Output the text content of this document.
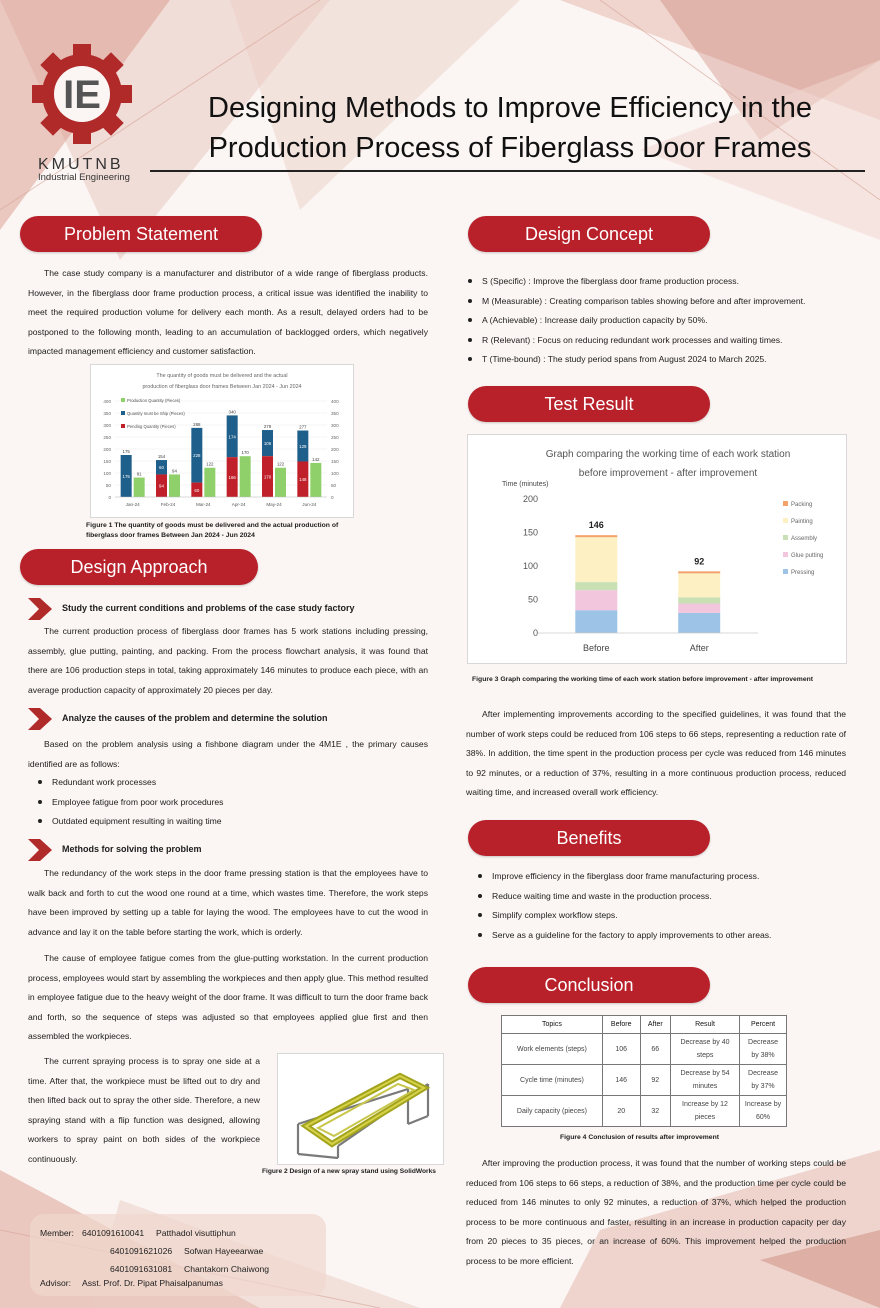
IE
KMUTNB
Industrial Engineering
Designing Methods to Improve Efficiency in the
Production Process of Fiberglass Door Frames
Problem Statement

The case study company is a manufacturer and distributor of a wide range of fiberglass products. However, in the fiberglass door frame production process, a critical issue was identified the inability to meet the required production volume for delivery each month. As a result, delayed orders had to be postponed to the following month, leading to an accumulation of backlogged orders, which negatively impacted management efficiency and customer satisfaction.

The quantity of goods must be delivered and the actual
production of fiberglass door frames Between Jan 2024 - Jun 2024
0	0
50	50
100	100
150	150
200	200
250	250
300	300
350	350
400	400
175
175 81
Jan-24
154
60
94
94
Feb-24
288
228
60
122
Mar-24
340
174
166
170
Apr-24
279
106
170
122
May-24
277
129
148
142
Jun-24
Production Quantity (Pieces)
Quantity must be Ship (Pieces)
Pending Quantity (Pieces)
Figure 1 The quantity of goods must be delivered and the actual production of fiberglass door frames Between Jan 2024 - Jun 2024
Design Approach
Study the current conditions and problems of the case study factory

The current production process of fiberglass door frames has 5 work stations including pressing, assembly, glue putting, painting, and packing. From the process flowchart analysis, it was found that there are 106 production steps in total, taking approximately 146 minutes to produce each piece, with an average production capacity of approximately 20 pieces per day.

Analyze the causes of the problem and determine the solution

Based on the problem analysis using a fishbone diagram under the 4M1E , the primary causes identified are as follows:

Redundant work processes
Employee fatigue from poor work procedures
Outdated equipment resulting in waiting time
Methods for solving the problem

The redundancy of the work steps in the door frame pressing station is that the employees have to walk back and forth to cut the wood one round at a time, which wastes time. Therefore, the work steps have been improved by setting up a table for laying the wood. The employees have to cut the wood in advance and lay it on the table before starting the work, which is orderly.

The cause of employee fatigue comes from the glue-putting workstation. In the current production process, employees would start by assembling the workpieces and then apply glue. This method resulted in employee fatigue due to the heavy weight of the door frame. It was difficult to turn the door frame back and forth, so the sequence of steps was adjusted so that employees applied glue first and then assembled the workpieces.

The current spraying process is to spray one side at a time. After that, the workpiece must be lifted out to dry and then lifted back out to spray the other side. Therefore, a new spraying stand with a flip function was designed, allowing workers to spray paint on both sides of the workpiece continuously.

Figure 2 Design of a new spray stand using SolidWorks
Member: 6401091610041 Patthadol visuttiphun
6401091621026 Sofwan Hayeearwae
6401091631081 Chantakorn Chaiwong
Advisor: Asst. Prof. Dr. Pipat Phaisalpanumas
Design Concept
S (Specific) : Improve the fiberglass door frame production process.
M (Measurable) : Creating comparison tables showing before and after improvement.
A (Achievable) : Increase daily production capacity by 50%.
R (Relevant) : Focus on reducing redundant work processes and waiting times.
T (Time-bound) : The study period spans from August 2024 to March 2025.
Test Result
Graph comparing the working time of each work station
before improvement - after improvement
Time (minutes)
0
50
100
150
200
146
Before
92
After
Packing
Painting
Assembly
Glue putting
Pressing
Figure 3 Graph comparing the working time of each work station before improvement - after improvement

After implementing improvements according to the specified guidelines, it was found that the number of work steps could be reduced from 106 steps to 66 steps, representing a reduction rate of 38%. In addition, the time spent in the production process per cycle was reduced from 146 minutes to 92 minutes, or a reduction of 37%, resulting in a more continuous production process, reduced waiting time, and increased overall work efficiency.

Benefits
Improve efficiency in the fiberglass door frame manufacturing process.
Reduce waiting time and waste in the production process.
Simplify complex workflow steps.
Serve as a guideline for the factory to apply improvements to other areas.
Conclusion
Topics	Before	After	Result	Percent
Work elements (steps)	106	66	Decrease by 40 steps	Decrease by 38%
Cycle time (minutes)	146	92	Decrease by 54 minutes	Decrease by 37%
Daily capacity (pieces)	20	32	Increase by 12 pieces	Increase by 60%
Figure 4 Conclusion of results after improvement

After improving the production process, it was found that the number of working steps could be reduced from 106 steps to 66 steps, a reduction of 38%, and the production time per cycle could be reduced from 146 minutes to only 92 minutes, a reduction of 37%, which helped the production process to be more continuous and faster, resulting in an increase in production capacity per day from 20 pieces to 35 pieces, or an increase of 60%. This improvement helped the production process to be more efficient.
